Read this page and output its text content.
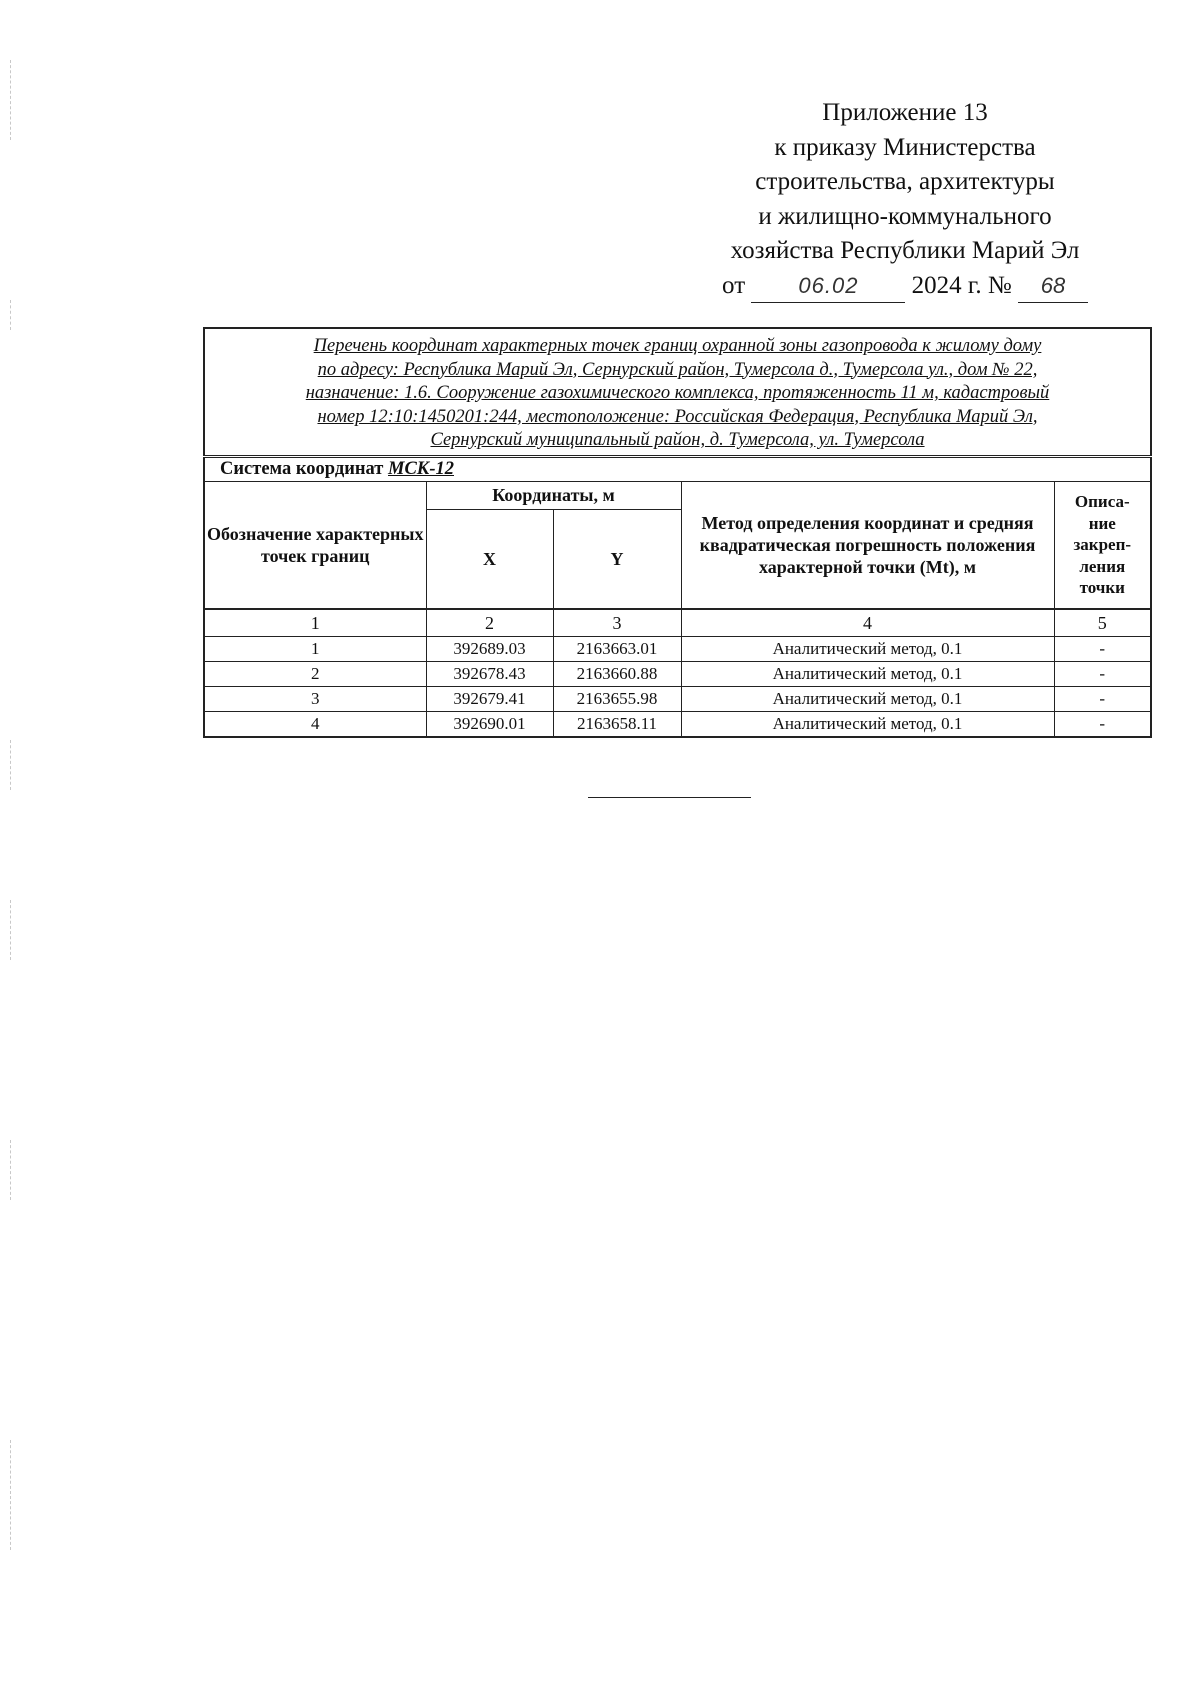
Приложение 13
к приказу Министерства
строительства, архитектуры
и жилищно-коммунального
хозяйства Республики Марий Эл
от 06.02 2024 г. № 68
Перечень координат характерных точек границ охранной зоны газопровода к жилому дому
по адресу: Республика Марий Эл, Сернурский район, Тумерсола д., Тумерсола ул., дом № 22,
назначение: 1.6. Сооружение газохимического комплекса, протяженность 11 м, кадастровый
номер 12:10:1450201:244, местоположение: Российская Федерация, Республика Марий Эл,
Сернурский муниципальный район, д. Тумерсола, ул. Тумерсола				

Система координат МСК-12				
Обозначение характерных точек границ	Координаты, м		Метод определения координат и средняя квадратическая погрешность положения характерной точки (Mt), м	Описа-ние закреп-ления точки
	X	Y		
1	2	3	4	5
1	392689.03	2163663.01	Аналитический метод, 0.1	-
2	392678.43	2163660.88	Аналитический метод, 0.1	-
3	392679.41	2163655.98	Аналитический метод, 0.1	-
4	392690.01	2163658.11	Аналитический метод, 0.1	-
